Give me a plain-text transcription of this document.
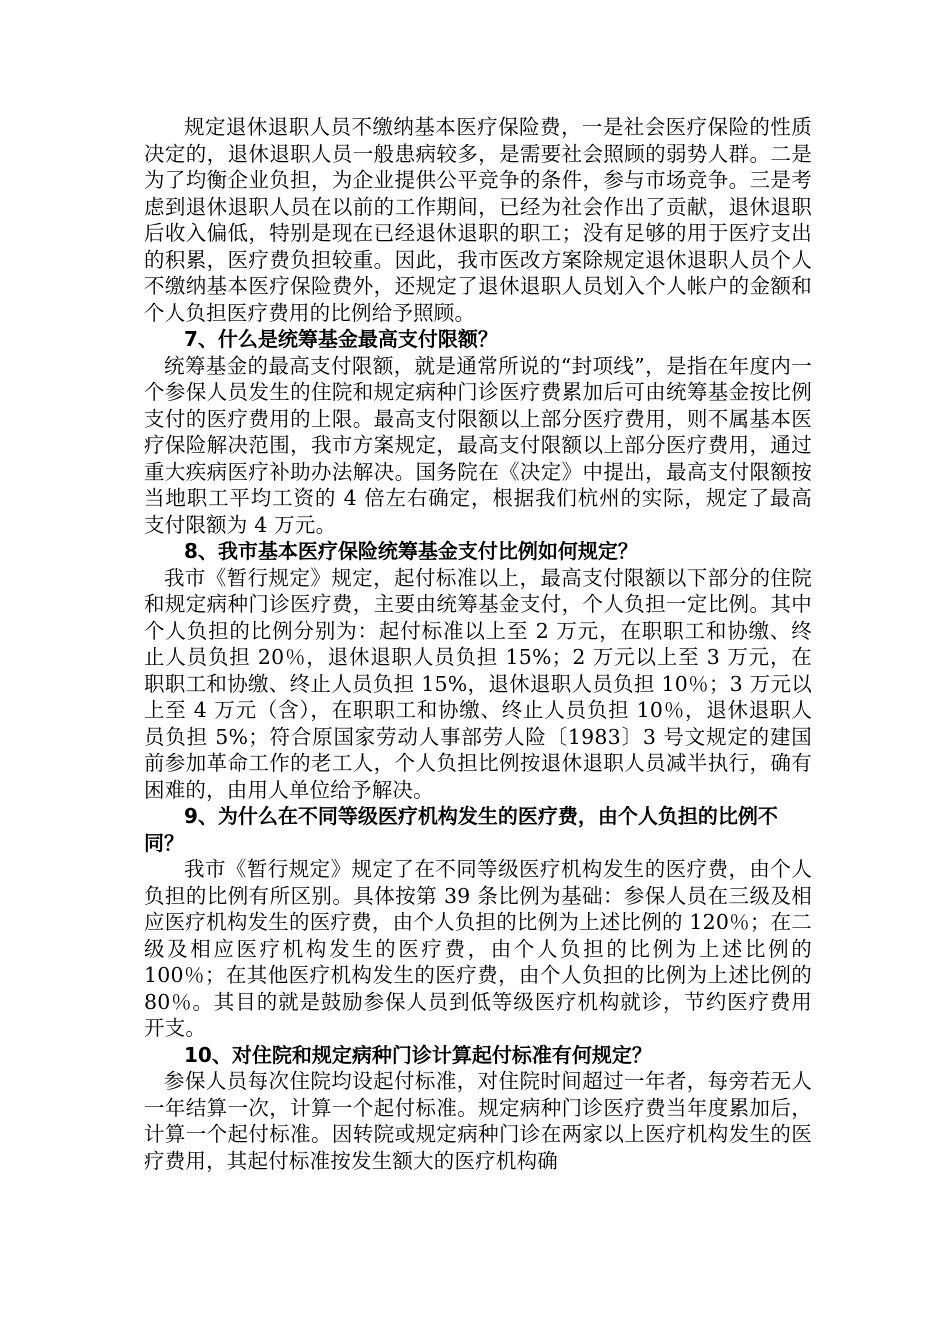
规定退休退职人员不缴纳基本医疗保险费，一是社会医疗保险的性质决定的，退休退职人员一般患病较多，是需要社会照顾的弱势人群。二是为了均衡企业负担，为企业提供公平竞争的条件，参与市场竞争。三是考虑到退休退职人员在以前的工作期间，已经为社会作出了贡献，退休退职后收入偏低，特别是现在已经退休退职的职工；没有足够的用于医疗支出的积累，医疗费负担较重。因此，我市医改方案除规定退休退职人员个人不缴纳基本医疗保险费外，还规定了退休退职人员划入个人帐户的金额和个人负担医疗费用的比例给予照顾。

7、什么是统筹基金最高支付限额？

统筹基金的最高支付限额，就是通常所说的“封项线”，是指在年度内一个参保人员发生的住院和规定病种门诊医疗费累加后可由统筹基金按比例支付的医疗费用的上限。最高支付限额以上部分医疗费用，则不属基本医疗保险解决范围，我市方案规定，最高支付限额以上部分医疗费用，通过重大疾病医疗补助办法解决。国务院在《决定》中提出，最高支付限额按当地职工平均工资的 4 倍左右确定，根据我们杭州的实际，规定了最高支付限额为 4 万元。

8、我市基本医疗保险统筹基金支付比例如何规定？

我市《暂行规定》规定，起付标准以上，最高支付限额以下部分的住院和规定病种门诊医疗费，主要由统筹基金支付，个人负担一定比例。其中个人负担的比例分别为：起付标准以上至 2 万元，在职职工和协缴、终止人员负担 20％，退休退职人员负担 15%；2 万元以上至 3 万元，在职职工和协缴、终止人员负担 15%，退休退职人员负担 10％；3 万元以上至 4 万元（含），在职职工和协缴、终止人员负担 10％，退休退职人员负担 5%；符合原国家劳动人事部劳人险〔1983〕3 号文规定的建国前参加革命工作的老工人，个人负担比例按退休退职人员减半执行，确有困难的，由用人单位给予解决。

9、为什么在不同等级医疗机构发生的医疗费，由个人负担的比例不同？

我市《暂行规定》规定了在不同等级医疗机构发生的医疗费，由个人负担的比例有所区别。具体按第 39 条比例为基础：参保人员在三级及相应医疗机构发生的医疗费，由个人负担的比例为上述比例的 120％；在二级及相应医疗机构发生的医疗费，由个人负担的比例为上述比例的 100％；在其他医疗机构发生的医疗费，由个人负担的比例为上述比例的 80％。其目的就是鼓励参保人员到低等级医疗机构就诊，节约医疗费用开支。

10、对住院和规定病种门诊计算起付标准有何规定？

参保人员每次住院均设起付标准，对住院时间超过一年者，每旁若无人一年结算一次，计算一个起付标准。规定病种门诊医疗费当年度累加后，计算一个起付标准。因转院或规定病种门诊在两家以上医疗机构发生的医疗费用，其起付标准按发生额大的医疗机构确
